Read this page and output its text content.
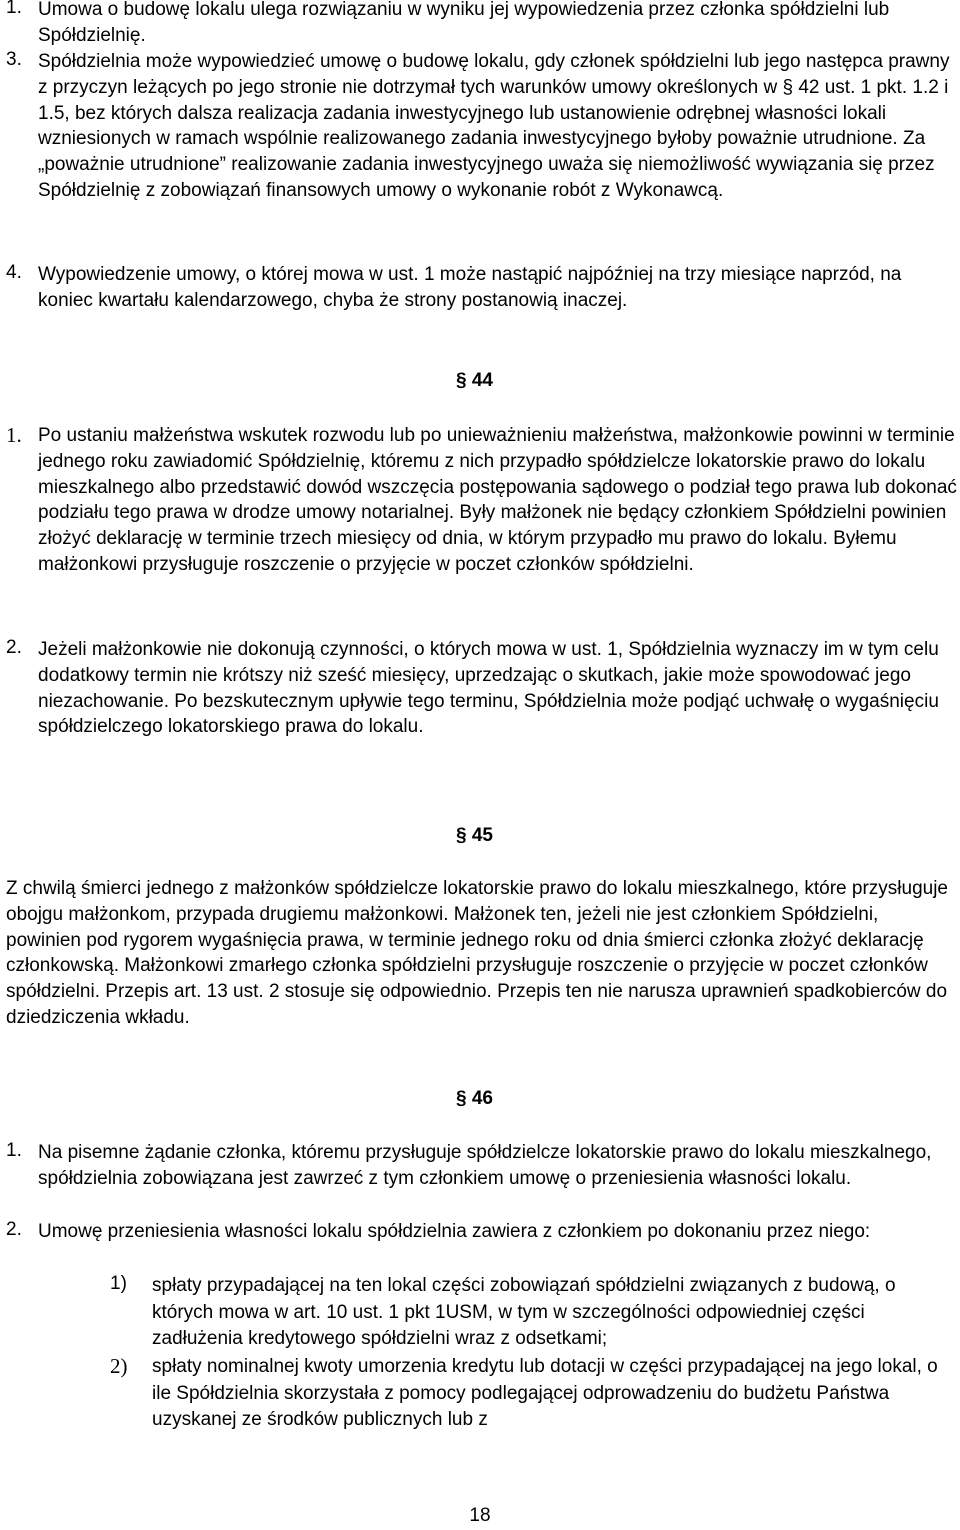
1. Umowa o budowę lokalu ulega rozwiązaniu w wyniku jej wypowiedzenia przez członka spółdzielni lub Spółdzielnię.
3. Spółdzielnia może wypowiedzieć umowę o budowę lokalu, gdy członek spółdzielni lub jego następca prawny z przyczyn leżących po jego stronie nie dotrzymał tych warunków umowy określonych w § 42 ust. 1 pkt. 1.2 i 1.5, bez których dalsza realizacja zadania inwestycyjnego lub ustanowienie odrębnej własności lokali wzniesionych w ramach wspólnie realizowanego zadania inwestycyjnego byłoby poważnie utrudnione. Za „poważnie utrudnione” realizowanie zadania inwestycyjnego uważa się niemożliwość wywiązania się przez Spółdzielnię z zobowiązań finansowych umowy o wykonanie robót z Wykonawcą.
4. Wypowiedzenie umowy, o której mowa w ust. 1 może nastąpić najpóźniej na trzy miesiące naprzód, na koniec kwartału kalendarzowego, chyba że strony postanowią inaczej.
§ 44
1. Po ustaniu małżeństwa wskutek rozwodu lub po unieważnieniu małżeństwa, małżonkowie powinni w terminie jednego roku zawiadomić Spółdzielnię, któremu z nich przypadło spółdzielcze lokatorskie prawo do lokalu mieszkalnego albo przedstawić dowód wszczęcia postępowania sądowego o podział tego prawa lub dokonać podziału tego prawa w drodze umowy notarialnej. Były małżonek nie będący członkiem Spółdzielni powinien złożyć deklarację w terminie trzech miesięcy od dnia, w którym przypadło mu prawo do lokalu. Byłemu małżonkowi przysługuje roszczenie o przyjęcie w poczet członków spółdzielni.
2. Jeżeli małżonkowie nie dokonują czynności, o których mowa w ust. 1, Spółdzielnia wyznaczy im w tym celu dodatkowy termin nie krótszy niż sześć miesięcy, uprzedzając o skutkach, jakie może spowodować jego niezachowanie. Po bezskutecznym upływie tego terminu, Spółdzielnia może podjąć uchwałę o wygaśnięciu spółdzielczego lokatorskiego prawa do lokalu.
§ 45
Z chwilą śmierci jednego z małżonków spółdzielcze lokatorskie prawo do lokalu mieszkalnego, które przysługuje obojgu małżonkom, przypada drugiemu małżonkowi. Małżonek ten, jeżeli nie jest członkiem Spółdzielni, powinien pod rygorem wygaśnięcia prawa, w terminie jednego roku od dnia śmierci członka złożyć deklarację członkowską. Małżonkowi zmarłego członka spółdzielni przysługuje roszczenie o przyjęcie w poczet członków spółdzielni. Przepis art. 13 ust. 2 stosuje się odpowiednio. Przepis ten nie narusza uprawnień spadkobierców do dziedziczenia wkładu.
§ 46
1. Na pisemne żądanie członka, któremu przysługuje spółdzielcze lokatorskie prawo do lokalu mieszkalnego, spółdzielnia zobowiązana jest zawrzeć z tym członkiem umowę o przeniesienia własności lokalu.
2. Umowę przeniesienia własności lokalu spółdzielnia zawiera z członkiem po dokonaniu przez niego:
1) spłaty przypadającej na ten lokal części zobowiązań spółdzielni związanych z budową, o których mowa w art. 10 ust. 1 pkt 1USM, w tym w szczególności odpowiedniej części zadłużenia kredytowego spółdzielni wraz z odsetkami;
2) spłaty nominalnej kwoty umorzenia kredytu lub dotacji w części przypadającej na jego lokal, o ile Spółdzielnia skorzystała z pomocy podlegającej odprowadzeniu do budżetu Państwa uzyskanej ze środków publicznych lub z
18
